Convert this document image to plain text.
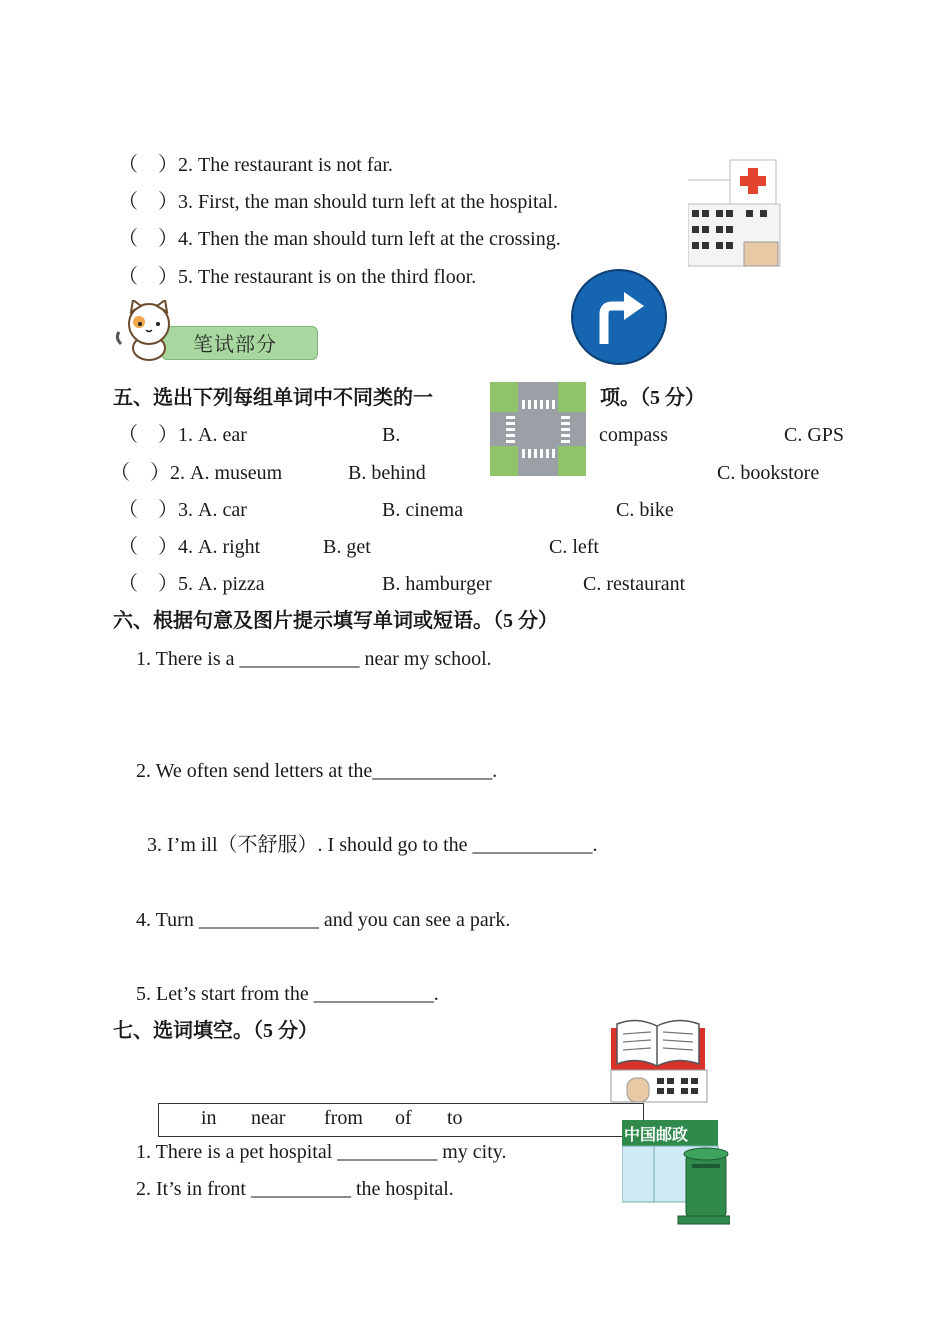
（　）2. The restaurant is not far.
（　）3. First, the man should turn left at the hospital.
（　）4. Then the man should turn left at the crossing.
（　）5. The restaurant is on the third floor.
笔试部分
五、选出下列每组单词中不同类的一	项。（5 分）
（　）1. A. ear	B.	compass	C. GPS
（　）2. A. museum	B. behind	C. bookstore
（　）3. A. car	B. cinema	C. bike
（　）4. A. right	B. get	C. left
（　）5. A. pizza	B. hamburger	C. restaurant
六、根据句意及图片提示填写单词或短语。（5 分）
1. There is a ____________ near my school.
2. We often send letters at the____________.
3. I’m ill（不舒服）. I should go to the ____________.
4. Turn ____________ and you can see a park.
5. Let’s start from the ____________.
七、选词填空。（5 分）
in near from of to
中国邮政
1. There is a pet hospital __________ my city.
2. It’s in front __________ the hospital.
